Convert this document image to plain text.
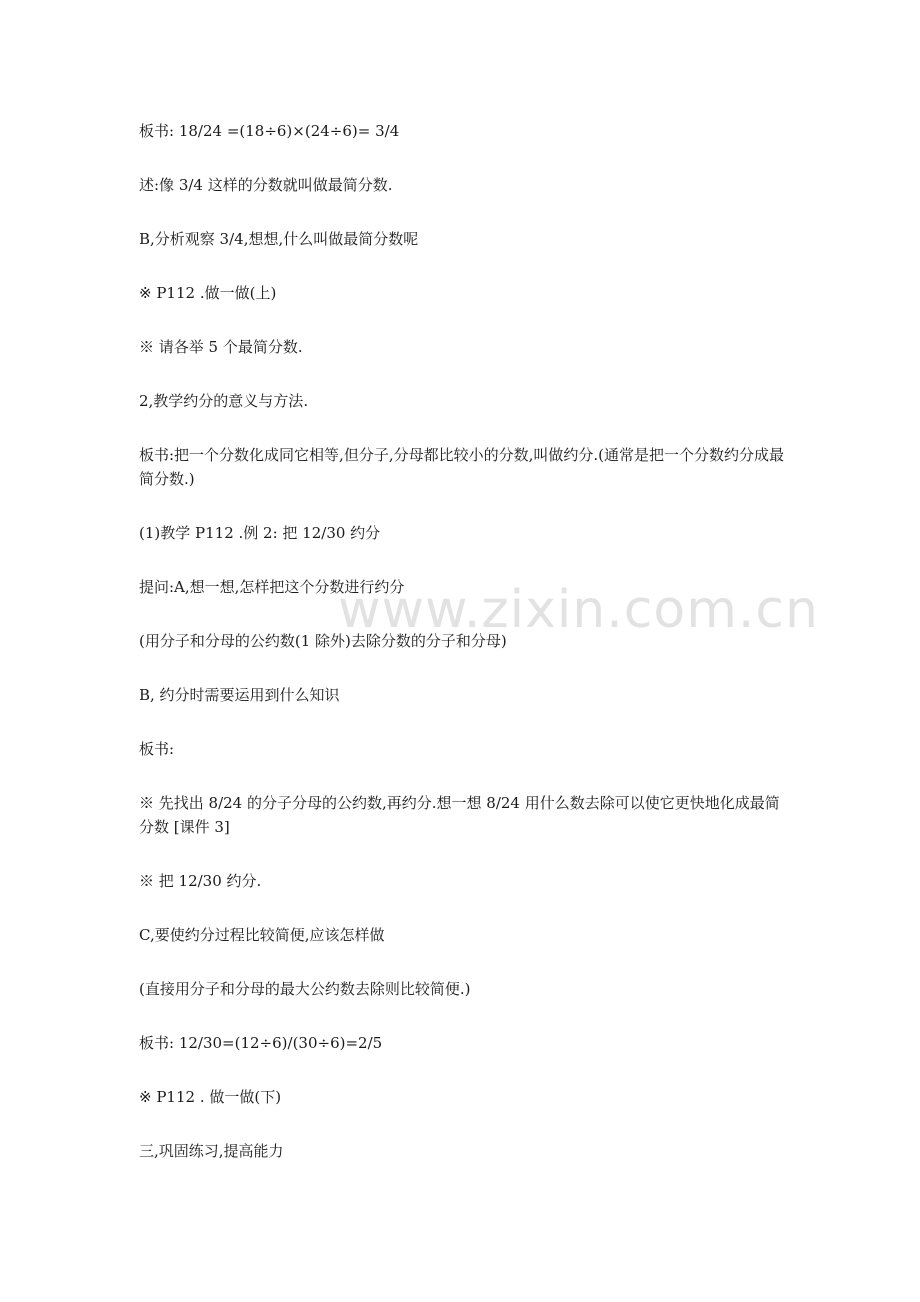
板书: 18/24 =(18÷6)×(24÷6)= 3/4

述:像 3/4 这样的分数就叫做最简分数.

B,分析观察 3/4,想想,什么叫做最简分数呢

※ P112 .做一做(上)

※ 请各举 5 个最简分数.

2,教学约分的意义与方法.

板书:把一个分数化成同它相等,但分子,分母都比较小的分数,叫做约分.(通常是把一个分数约分成最简分数.)

(1)教学 P112 .例 2: 把 12/30 约分

提问:A,想一想,怎样把这个分数进行约分

(用分子和分母的公约数(1 除外)去除分数的分子和分母)

B, 约分时需要运用到什么知识

板书:

※ 先找出 8/24 的分子分母的公约数,再约分.想一想 8/24 用什么数去除可以使它更快地化成最简分数 [课件 3]

※ 把 12/30 约分.

C,要使约分过程比较简便,应该怎样做

(直接用分子和分母的最大公约数去除则比较简便.)

板书: 12/30=(12÷6)/(30÷6)=2/5

※ P112 . 做一做(下)

三,巩固练习,提高能力

www.zixin.com.cn
